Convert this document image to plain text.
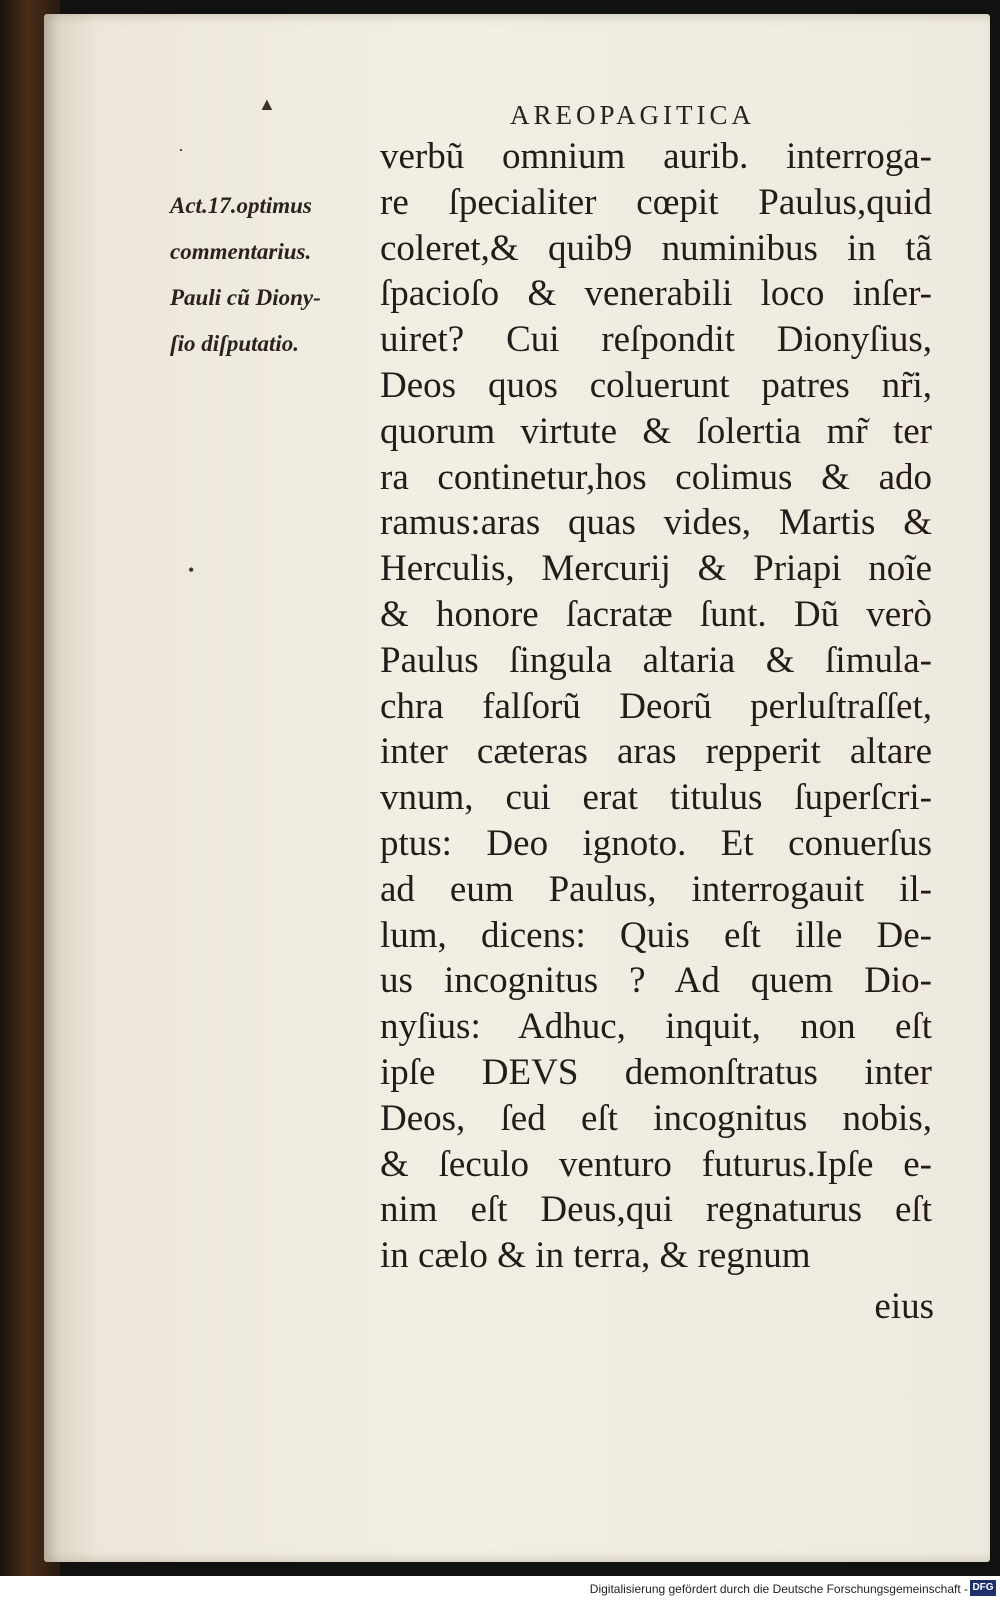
▲
·
•
AREOPAGITICA
Act.17.optimus
commentarius.
Pauli cũ Diony-
ſio diſputatio.
verbũ omnium aurib. interroga-
re ſpecialiter cœpit Paulus,quid
coleret,& quib9 numinibus in tã
ſpacioſo & venerabili loco inſer-
uiret? Cui reſpondit Dionyſius,
Deos quos coluerunt patres nr̃i,
quorum virtute & ſolertia mr̃ ter
ra continetur,hos colimus & ado
ramus:aras quas vides, Martis &
Herculis, Mercurij & Priapi noĩe
& honore ſacratæ ſunt. Dũ verò
Paulus ſingula altaria & ſimula-
chra falſorũ Deorũ perluſtraſſet,
inter cæteras aras repperit altare
vnum, cui erat titulus ſuperſcri-
ptus: Deo ignoto. Et conuerſus
ad eum Paulus, interrogauit il-
lum, dicens: Quis eſt ille De-
us incognitus ? Ad quem Dio-
nyſius: Adhuc, inquit, non eſt
ipſe DEVS demonſtratus inter
Deos, ſed eſt incognitus nobis,
& ſeculo venturo futurus.Ipſe e-
nim eſt Deus,qui regnaturus eſt
in cælo & in terra, & regnum
eius
Digitalisierung gefördert durch die Deutsche Forschungsgemeinschaft - DFG
